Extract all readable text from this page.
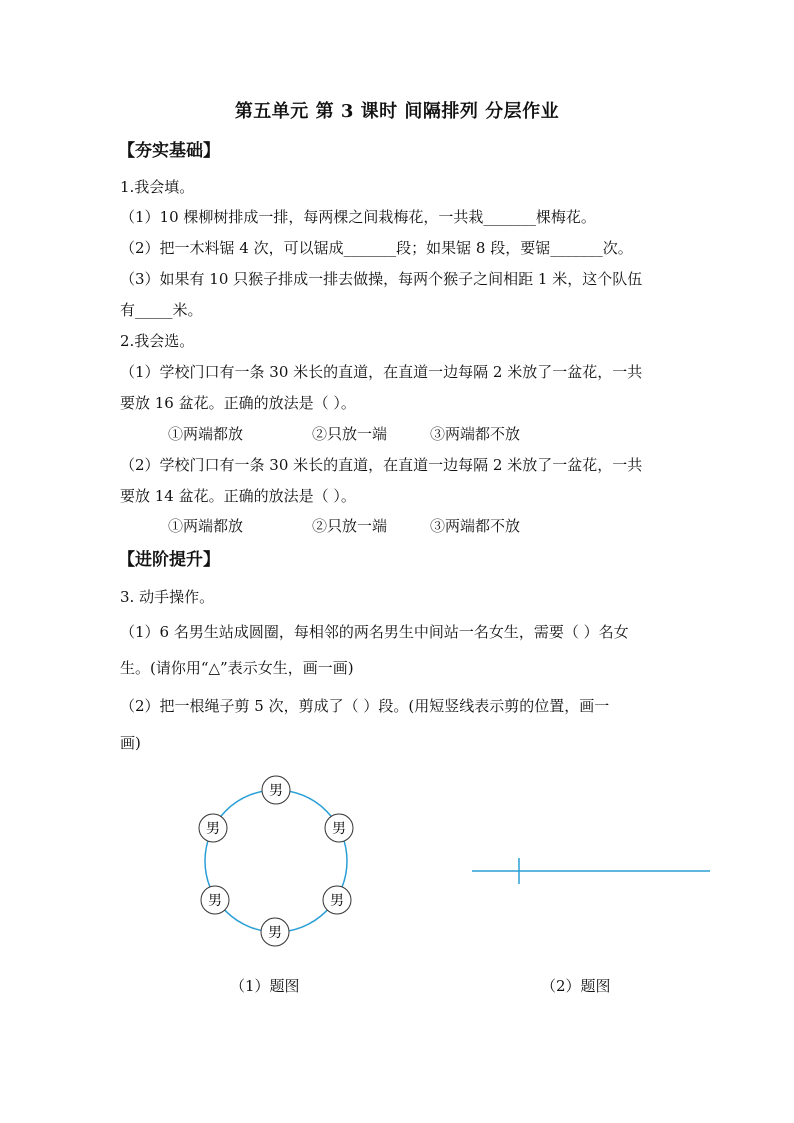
第五单元 第 3 课时 间隔排列 分层作业
【夯实基础】
1.我会填。
（1）10 棵柳树排成一排，每两棵之间栽梅花，一共栽_______棵梅花。
（2）把一木料锯 4 次，可以锯成_______段；如果锯 8 段，要锯_______次。
（3）如果有 10 只猴子排成一排去做操，每两个猴子之间相距 1 米，这个队伍
有_____米。
2.我会选。
（1）学校门口有一条 30 米长的直道，在直道一边每隔 2 米放了一盆花，一共
要放 16 盆花。正确的放法是（ ）。
①两端都放	②只放一端	③两端都不放
（2）学校门口有一条 30 米长的直道，在直道一边每隔 2 米放了一盆花，一共
要放 14 盆花。正确的放法是（ ）。
①两端都放	②只放一端	③两端都不放
【进阶提升】
3. 动手操作。
（1）6 名男生站成圆圈，每相邻的两名男生中间站一名女生，需要（ ）名女
生。(请你用“△”表示女生，画一画)
（2）把一根绳子剪 5 次，剪成了（ ）段。(用短竖线表示剪的位置，画一
画)
男
男
男
男
男
男
（1）题图	（2）题图
